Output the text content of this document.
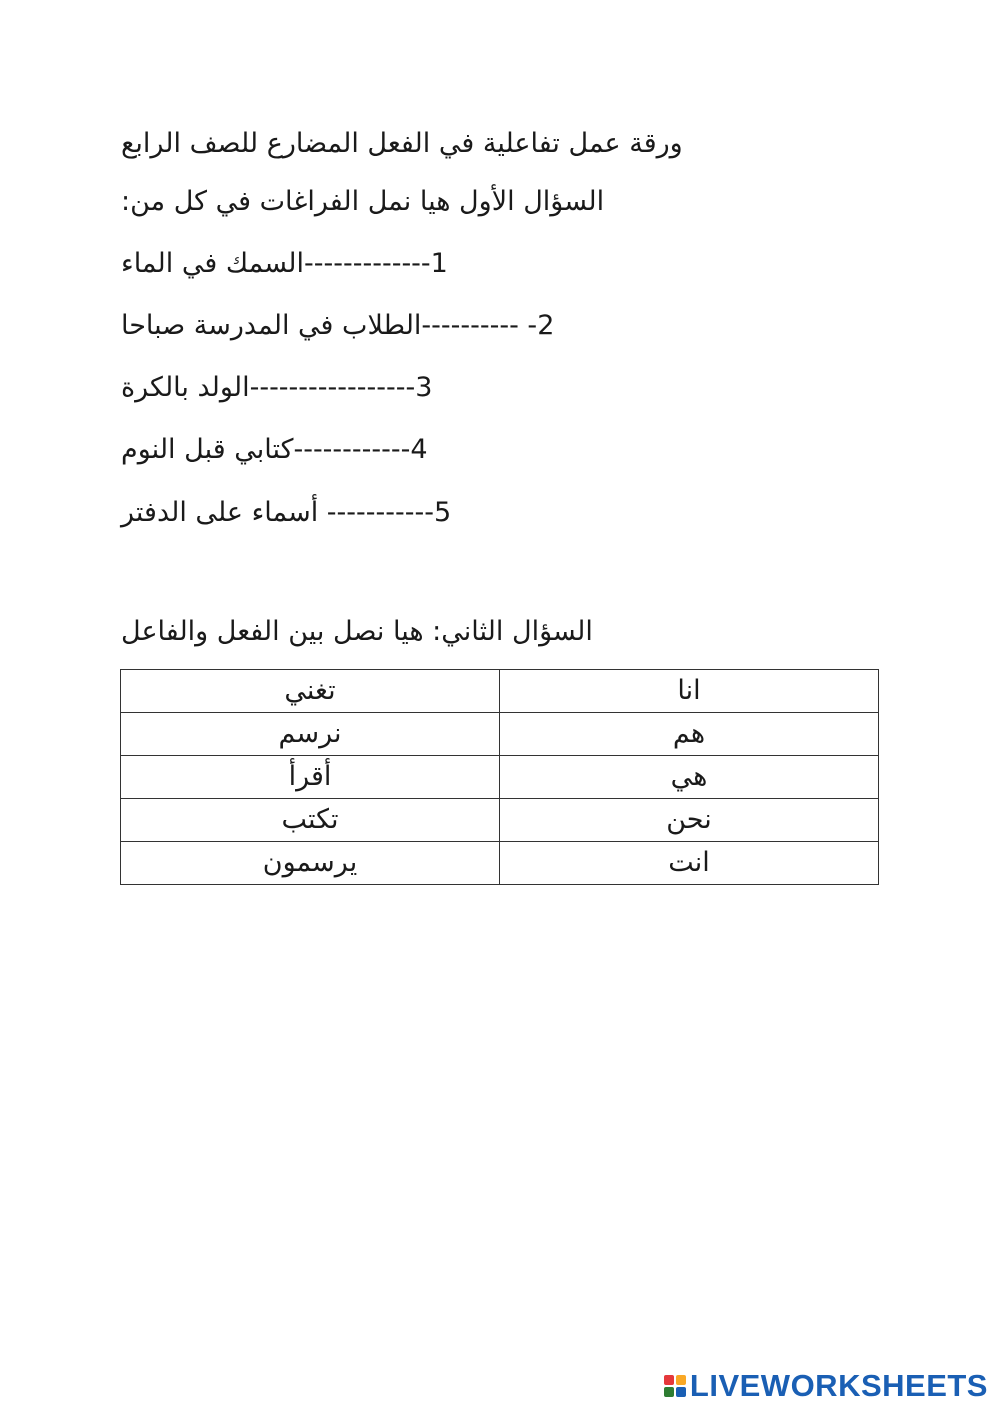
ورقة عمل تفاعلية في الفعل المضارع للصف الرابع
السؤال الأول هيا نمل الفراغات في كل من:
1-------------السمك في الماء
2- ----------الطلاب في المدرسة صباحا
3-----------------الولد بالكرة
4------------كتابي قبل النوم
5----------- أسماء على الدفتر
السؤال الثاني: هيا نصل بين الفعل والفاعل
انا	تغني
هم	نرسم
هي	أقرأ
نحن	تكتب
انت	يرسمون
LIVEWORKSHEETS
